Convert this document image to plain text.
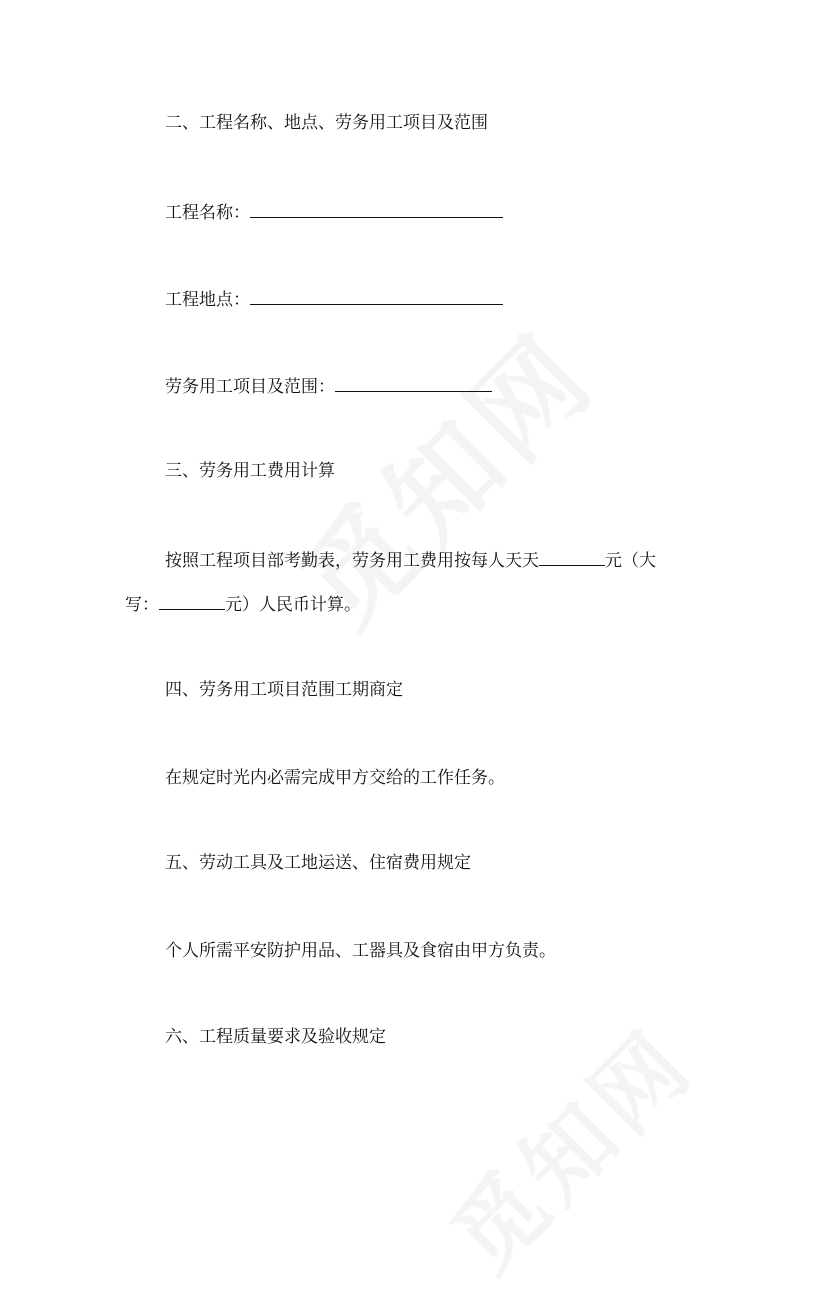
二、工程名称、地点、劳务用工项目及范围
工程名称：
工程地点：
劳务用工项目及范围：
三、劳务用工费用计算
按照工程项目部考勤表，劳务用工费用按每人天天	元（大
写：	元）人民币计算。
四、劳务用工项目范围工期商定
在规定时光内必需完成甲方交给的工作任务。
五、劳动工具及工地运送、住宿费用规定
个人所需平安防护用品、工器具及食宿由甲方负责。
六、工程质量要求及验收规定
